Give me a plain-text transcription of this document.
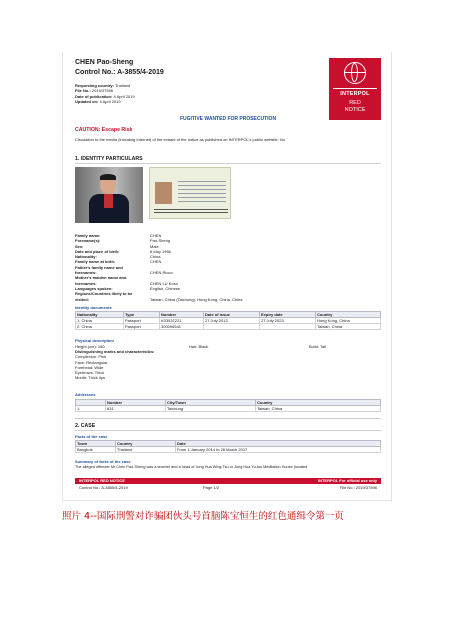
CHEN Pao-Sheng
Control No.: A-3855/4-2019
Requesting country: Thailand
File No.: 2019/37596
Date of publication: 4 April 2019
Updated on: 4 April 2019
INTERPOL
RED
NOTICE
FUGITIVE WANTED FOR PROSECUTION
CAUTION: Escape Risk
Circulation to the media (including Internet) of the extract of the notice as published on INTERPOL's public website: No
1. IDENTITY PARTICULARS
Family name:	CHEN
Forename(s):	Pao-Sheng
Sex:	Male
Date and place of birth:	6 May 1956
Nationality:	China
Family name at birth:	CHEN
Father's family name and
forenames:	CHEN Rioco
Mother's maiden name and
forenames:	CHEN LU Koso
Languages spoken:	English, Chinese
Regions/Countries likely to be
visited:	Taiwan, China (Taichung), Hong Kong, China, China
Identity documents
Nationality	Type	Number	Date of issue	Expiry date	Country
1. China	Passport	K03537221	27 July 2013	27 July 2023	Hong Kong, China
2. China	Passport	300096541			Taiwan, China
Physical description
Height (cm): 180	Hair: Black	Build: Tall
Distinguishing marks and characteristics:
Complexion: Pink
Face: Rectangular
Forehead: Wide
Eyebrows: Thick
Mouth: Thick lips
Addresses
	Number	City/Town	Country
1.	631	Taichung	Taiwan, China
2. CASE
Facts of the case
Town	Country	Date
Bangkok	Thailand	From 1 January 2014 to 28 March 2017
Summary of facts of the case
The alleged offender Mr Chen Pao-Sheng was a teacher and a head of Jong Hua Wing-Tsu or Jong Hua Yu-tus Meditation House (located
INTERPOL RED NOTICE	INTERPOL For official use only
Control No.: A-3855/4-2019	Page 1/2	File No.: 2019/37596
照片 4--国际刑警对诈骗团伙头号首脑陈宝恒生的红色通缉令第一页
